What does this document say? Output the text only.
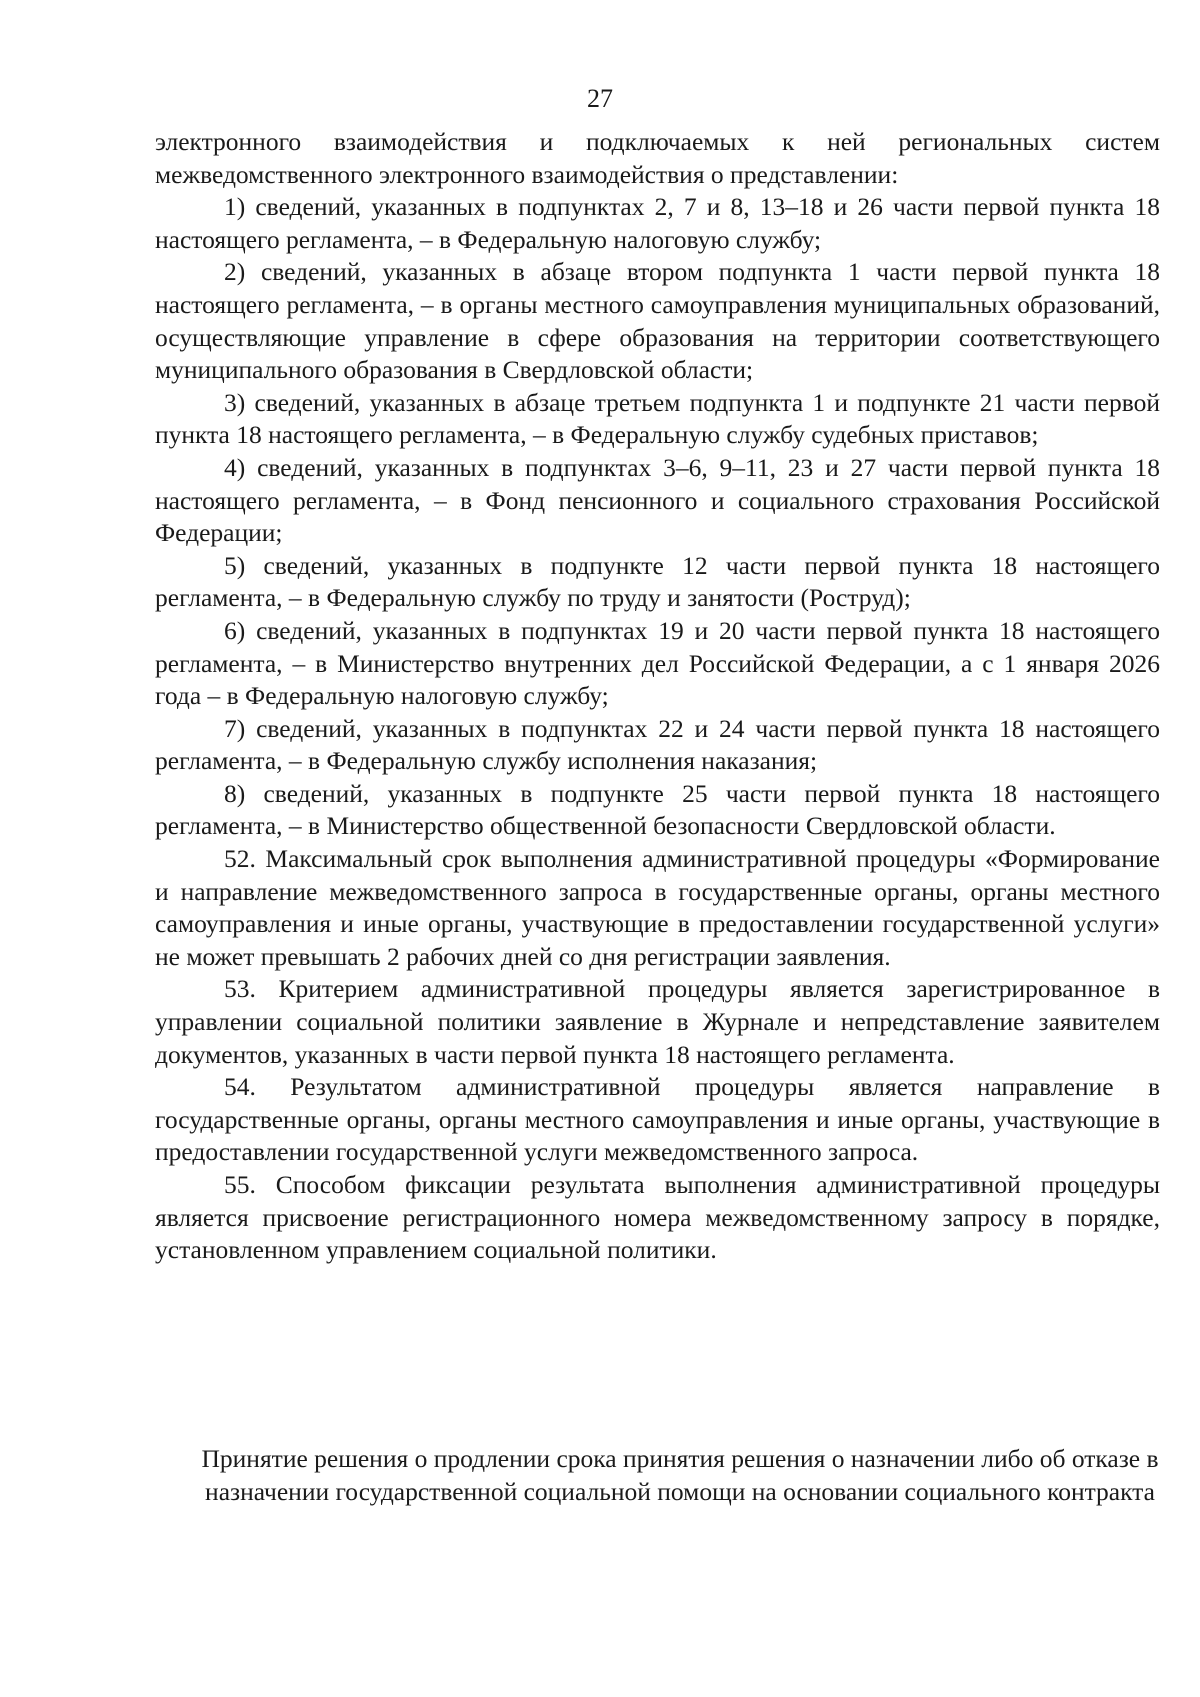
27

электронного взаимодействия и подключаемых к ней региональных систем межведомственного электронного взаимодействия о представлении:

1) сведений, указанных в подпунктах 2, 7 и 8, 13–18 и 26 части первой пункта 18 настоящего регламента, – в Федеральную налоговую службу;

2) сведений, указанных в абзаце втором подпункта 1 части первой пункта 18 настоящего регламента, – в органы местного самоуправления муниципальных образований, осуществляющие управление в сфере образования на территории соответствующего муниципального образования в Свердловской области;

3) сведений, указанных в абзаце третьем подпункта 1 и подпункте 21 части первой пункта 18 настоящего регламента, – в Федеральную службу судебных приставов;

4) сведений, указанных в подпунктах 3–6, 9–11, 23 и 27 части первой пункта 18 настоящего регламента, – в Фонд пенсионного и социального страхования Российской Федерации;

5) сведений, указанных в подпункте 12 части первой пункта 18 настоящего регламента, – в Федеральную службу по труду и занятости (Роструд);

6) сведений, указанных в подпунктах 19 и 20 части первой пункта 18 настоящего регламента, – в Министерство внутренних дел Российской Федерации, а с 1 января 2026 года – в Федеральную налоговую службу;

7) сведений, указанных в подпунктах 22 и 24 части первой пункта 18 настоящего регламента, – в Федеральную службу исполнения наказания;

8) сведений, указанных в подпункте 25 части первой пункта 18 настоящего регламента, – в Министерство общественной безопасности Свердловской области.

52. Максимальный срок выполнения административной процедуры «Формирование и направление межведомственного запроса в государственные органы, органы местного самоуправления и иные органы, участвующие в предоставлении государственной услуги» не может превышать 2 рабочих дней со дня регистрации заявления.

53. Критерием административной процедуры является зарегистрированное в управлении социальной политики заявление в Журнале и непредставление заявителем документов, указанных в части первой пункта 18 настоящего регламента.

54. Результатом административной процедуры является направление в государственные органы, органы местного самоуправления и иные органы, участвующие в предоставлении государственной услуги межведомственного запроса.

55. Способом фиксации результата выполнения административной процедуры является присвоение регистрационного номера межведомственному запросу в порядке, установленном управлением социальной политики.

Принятие решения о продлении срока принятия решения о назначении либо об отказе в назначении государственной социальной помощи на основании социального контракта
